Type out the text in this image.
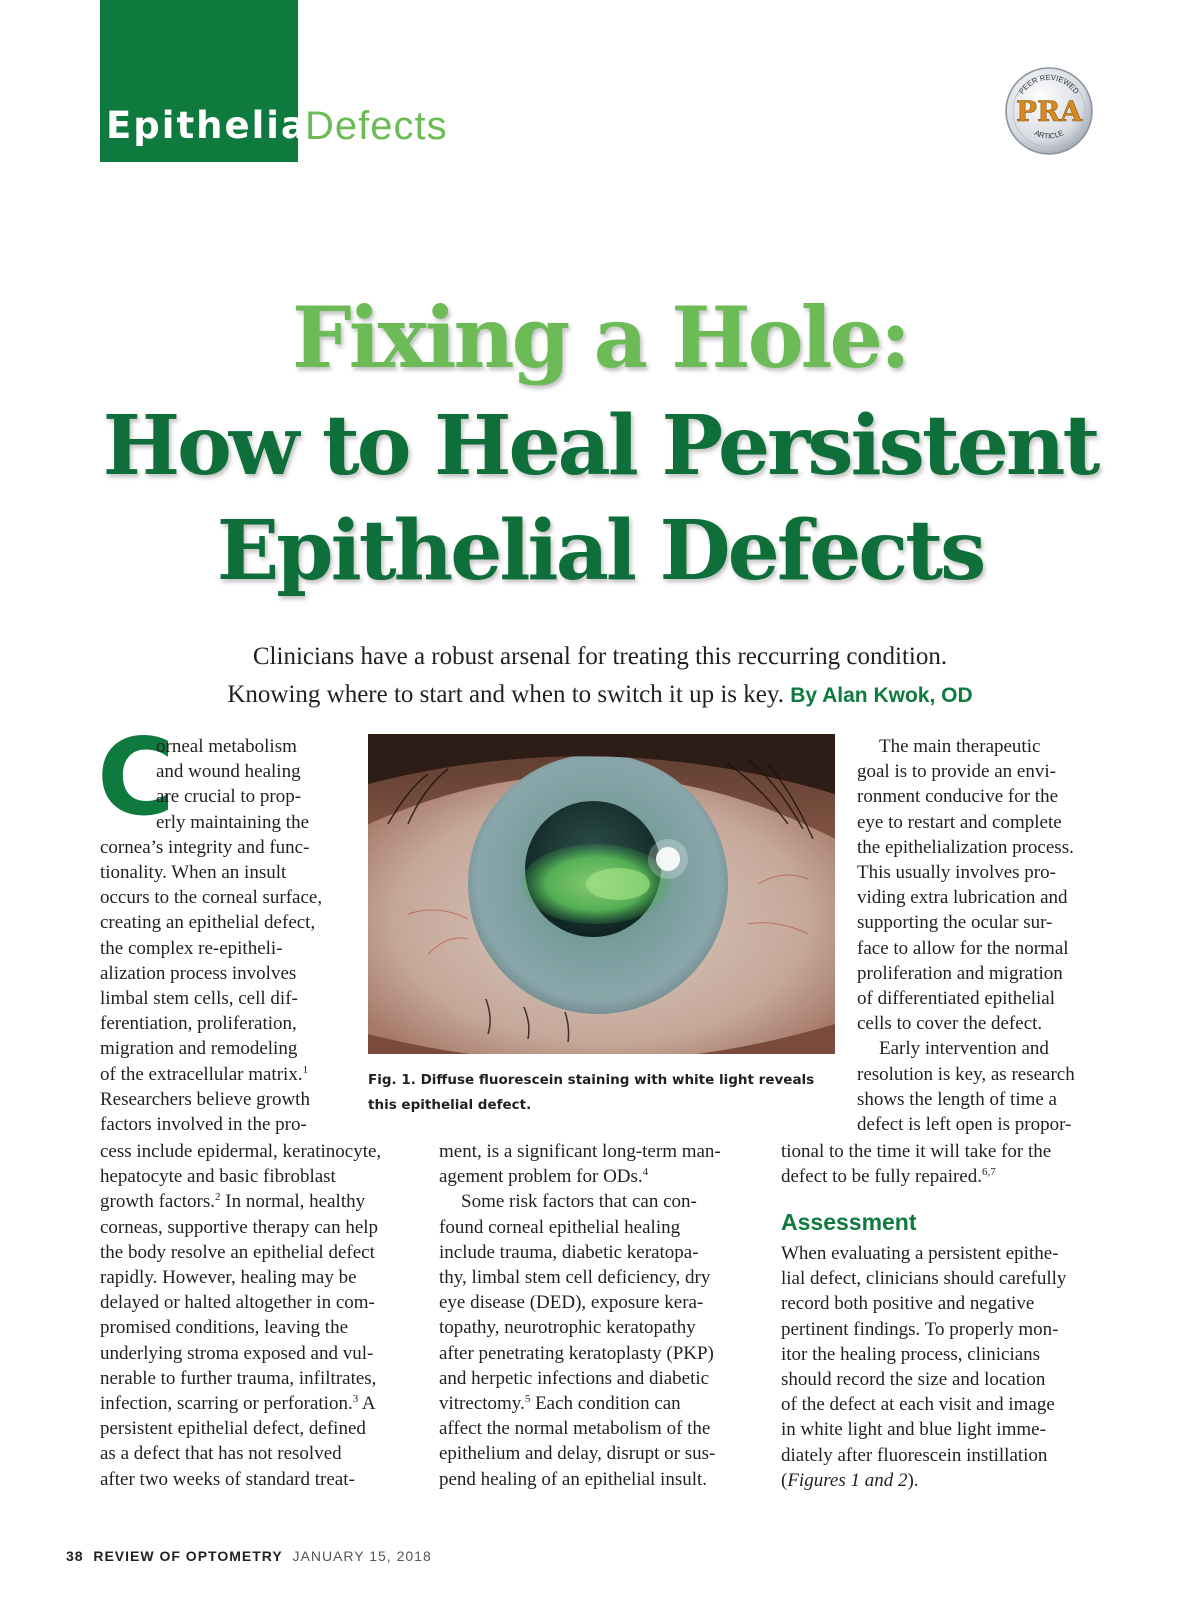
Epithelial
Defects
PEER REVIEWED
ARTICLE
PRA
Fixing a Hole:
How to Heal Persistent
Epithelial Defects
Clinicians have a robust arsenal for treating this reccurring condition.
Knowing where to start and when to switch it up is key. By Alan Kwok, OD
C
orneal metabolism
and wound healing
are crucial to prop-
erly maintaining the
cornea’s integrity and func-
tionality. When an insult
occurs to the corneal surface,
creating an epithelial defect,
the complex re-epitheli-
alization process involves
limbal stem cells, cell dif-
ferentiation, proliferation,
migration and remodeling
of the extracellular matrix.$^1$
Researchers believe growth
factors involved in the pro-
cess include epidermal, keratinocyte,
hepatocyte and basic fibroblast
growth factors.$^2$ In normal, healthy
corneas, supportive therapy can help
the body resolve an epithelial defect
rapidly. However, healing may be
delayed or halted altogether in com-
promised conditions, leaving the
underlying stroma exposed and vul-
nerable to further trauma, infiltrates,
infection, scarring or perforation.$^3$ A
persistent epithelial defect, defined
as a defect that has not resolved
after two weeks of standard treat-
ment, is a significant long-term man-
agement problem for ODs.$^4$
Some risk factors that can con-
found corneal epithelial healing
include trauma, diabetic keratopa-
thy, limbal stem cell deficiency, dry
eye disease (DED), exposure kera-
topathy, neurotrophic keratopathy
after penetrating keratoplasty (PKP)
and herpetic infections and diabetic
vitrectomy.$^5$ Each condition can
affect the normal metabolism of the
epithelium and delay, disrupt or sus-
pend healing of an epithelial insult.
The main therapeutic
goal is to provide an envi-
ronment conducive for the
eye to restart and complete
the epithelialization process.
This usually involves pro-
viding extra lubrication and
supporting the ocular sur-
face to allow for the normal
proliferation and migration
of differentiated epithelial
cells to cover the defect.
Early intervention and
resolution is key, as research
shows the length of time a
defect is left open is propor-
tional to the time it will take for the
defect to be fully repaired.$^{6,7}$
Assessment
When evaluating a persistent epithe-
lial defect, clinicians should carefully
record both positive and negative
pertinent findings. To properly mon-
itor the healing process, clinicians
should record the size and location
of the defect at each visit and image
in white light and blue light imme-
diately after fluorescein instillation
(Figures 1 and 2).
Fig. 1. Diffuse fluorescein staining with white light reveals
this epithelial defect.
38 REVIEW OF OPTOMETRY JANUARY 15, 2018
